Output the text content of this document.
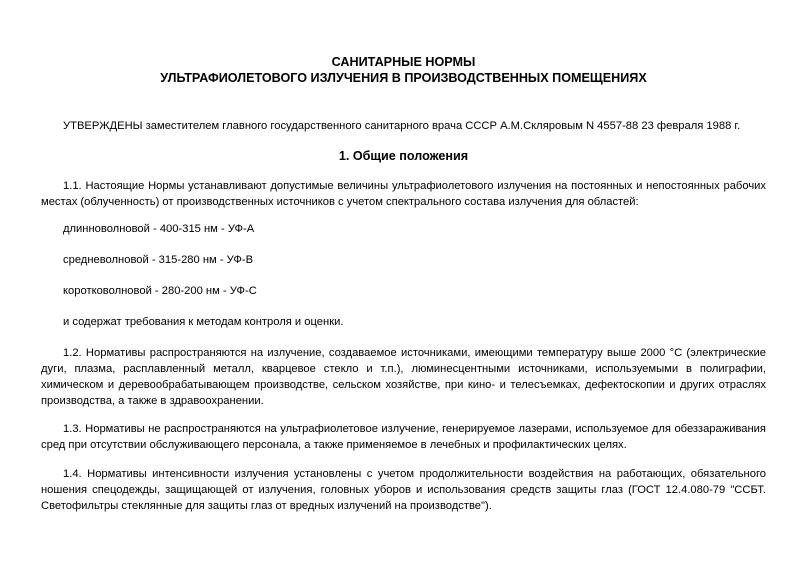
САНИТАРНЫЕ НОРМЫ
УЛЬТРАФИОЛЕТОВОГО ИЗЛУЧЕНИЯ В ПРОИЗВОДСТВЕННЫХ ПОМЕЩЕНИЯХ
УТВЕРЖДЕНЫ заместителем главного государственного санитарного врача СССР А.М.Скляровым N 4557-88 23 февраля 1988 г.
1. Общие положения
1.1. Настоящие Нормы устанавливают допустимые величины ультрафиолетового излучения на постоянных и непостоянных рабочих местах (облученность) от производственных источников с учетом спектрального состава излучения для областей:
длинноволновой - 400-315 нм - УФ-А
средневолновой - 315-280 нм - УФ-В
коротковолновой - 280-200 нм - УФ-С
и содержат требования к методам контроля и оценки.
1.2. Нормативы распространяются на излучение, создаваемое источниками, имеющими температуру выше 2000 °С (электрические дуги, плазма, расплавленный металл, кварцевое стекло и т.п.), люминесцентными источниками, используемыми в полиграфии, химическом и деревообрабатывающем производстве, сельском хозяйстве, при кино- и телесъемках, дефектоскопии и других отраслях производства, а также в здравоохранении.
1.3. Нормативы не распространяются на ультрафиолетовое излучение, генерируемое лазерами, используемое для обеззараживания сред при отсутствии обслуживающего персонала, а также применяемое в лечебных и профилактических целях.
1.4. Нормативы интенсивности излучения установлены с учетом продолжительности воздействия на работающих, обязательного ношения спецодежды, защищающей от излучения, головных уборов и использования средств защиты глаз (ГОСТ 12.4.080-79 "ССБТ. Светофильтры стеклянные для защиты глаз от вредных излучений на производстве").
